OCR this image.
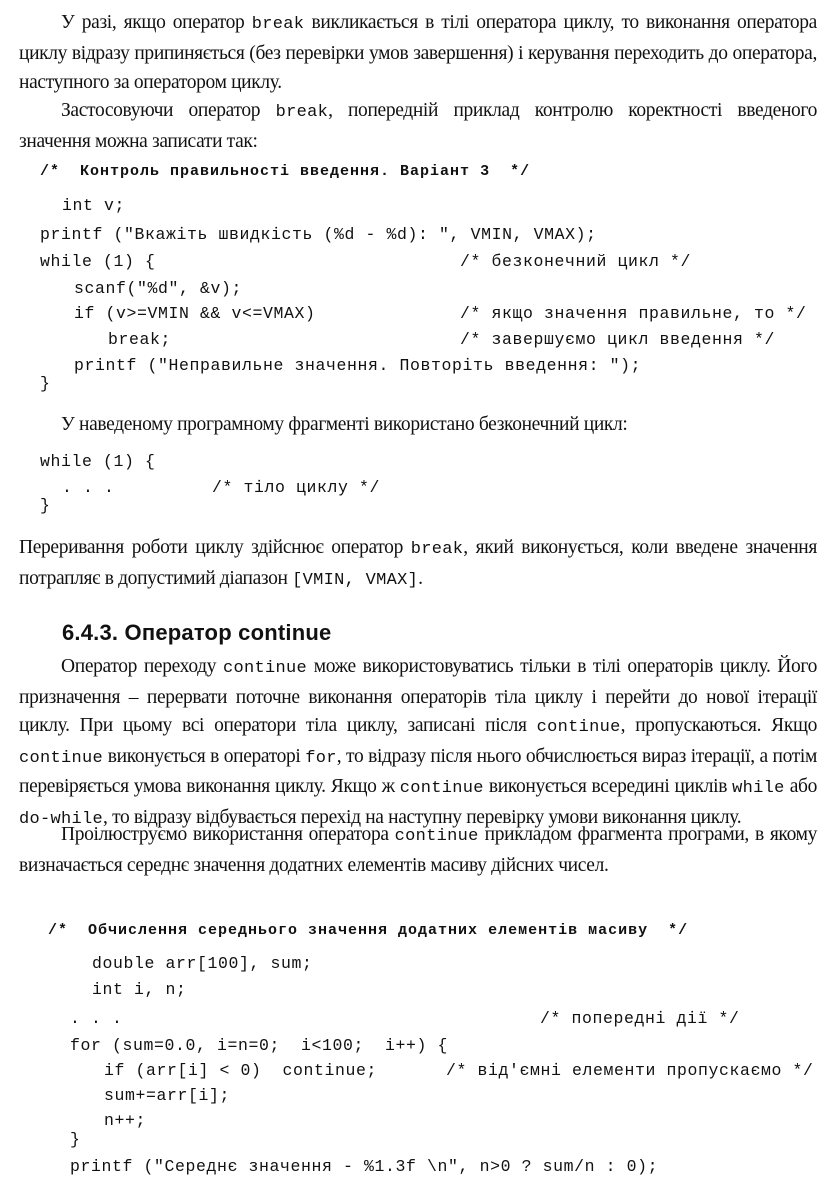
У разі, якщо оператор break викликається в тілі оператора циклу, то виконання оператора циклу відразу припиняється (без перевірки умов завершення) і керування переходить до оператора, наступного за оператором циклу.
Застосовуючи оператор break, попередній приклад контролю коректності введеного значення можна записати так:
/*  Контроль правильності введення. Варіант 3  */
int v;
printf ("Вкажіть швидкість (%d - %d): ", VMIN, VMAX);
while (1) {	/* безконечний цикл */
scanf("%d", &v);
if (v>=VMIN && v<=VMAX)	/* якщо значення правильне, то */
break;	/* завершуємо цикл введення */
printf ("Неправильне значення. Повторіть введення: ");
}
У наведеному програмному фрагменті використано безконечний цикл:
while (1) {
. . .	/* тіло циклу */
}
Переривання роботи циклу здійснює оператор break, який виконується, коли введене значення потрапляє в допустимий діапазон [VMIN, VMAX].
6.4.3. Оператор continue
Оператор переходу continue може використовуватись тільки в тілі операторів циклу. Його призначення – перервати поточне виконання операторів тіла циклу і перейти до нової ітерації циклу. При цьому всі оператори тіла циклу, записані після continue, пропускаються. Якщо continue виконується в операторі for, то відразу після нього обчислюється вираз ітерації, а потім перевіряється умова виконання циклу. Якщо ж continue виконується всередині циклів while або do-while, то відразу відбувається перехід на наступну перевірку умови виконання циклу.
Проілюструємо використання оператора continue прикладом фрагмента програми, в якому визначається середнє значення додатних елементів масиву дійсних чисел.
/*  Обчислення середнього значення додатних елементів масиву  */
double arr[100], sum;
int i, n;
. . .	/* попередні дії */
for (sum=0.0, i=n=0;  i<100;  i++) {
if (arr[i] < 0)  continue;	/* від'ємні елементи пропускаємо */
sum+=arr[i];
n++;
}
printf ("Середнє значення - %1.3f \n", n>0 ? sum/n : 0);
